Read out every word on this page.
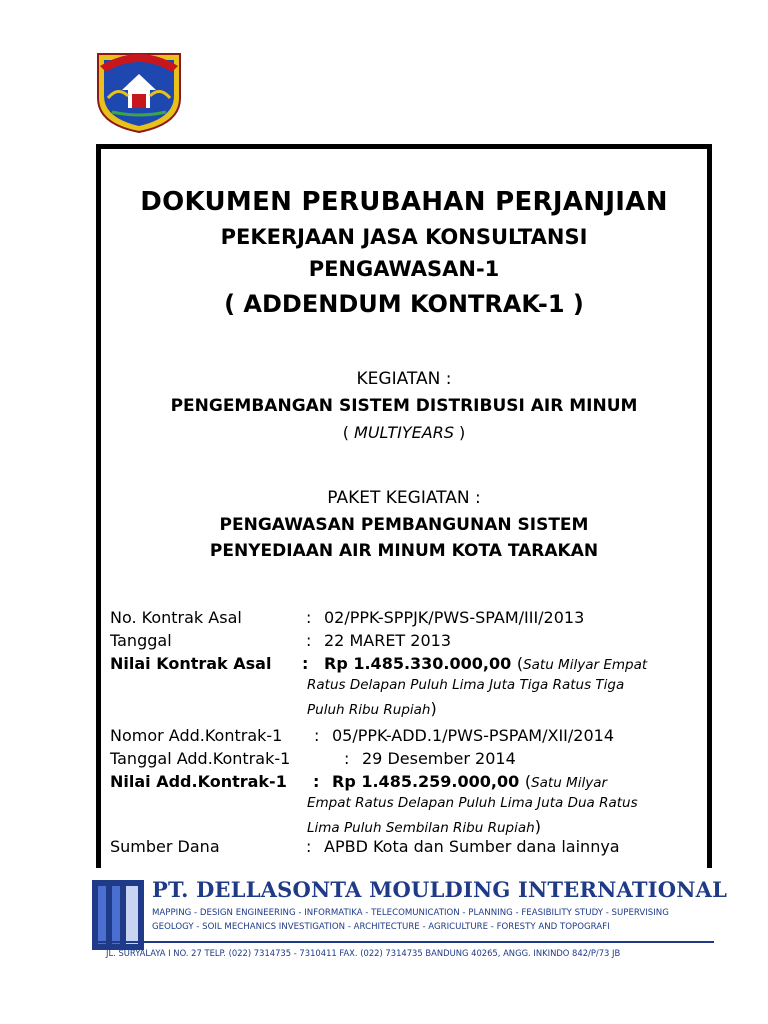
DOKUMEN PERUBAHAN PERJANJIAN
PEKERJAAN JASA KONSULTANSI
PENGAWASAN-1
( ADDENDUM KONTRAK-1 )
KEGIATAN :
PENGEMBANGAN SISTEM DISTRIBUSI AIR MINUM
( MULTIYEARS )
PAKET KEGIATAN :
PENGAWASAN PEMBANGUNAN SISTEM
PENYEDIAAN AIR MINUM KOTA TARAKAN
No. Kontrak Asal	: 02/PPK-SPPJK/PWS-SPAM/III/2013
Tanggal	: 22 MARET 2013
Nilai Kontrak Asal : Rp 1.485.330.000,00 (Satu Milyar Empat
Ratus Delapan Puluh Lima Juta Tiga Ratus Tiga
Puluh Ribu Rupiah)
Nomor Add.Kontrak-1 : 05/PPK-ADD.1/PWS-PSPAM/XII/2014
Tanggal Add.Kontrak-1	: 29 Desember 2014
Nilai Add.Kontrak-1 : Rp 1.485.259.000,00 (Satu Milyar
Empat Ratus Delapan Puluh Lima Juta Dua Ratus
Lima Puluh Sembilan Ribu Rupiah)
Sumber Dana	: APBD Kota dan Sumber dana lainnya
PT. DELLASONTA MOULDING INTERNATIONAL
MAPPING - DESIGN ENGINEERING - INFORMATIKA - TELECOMUNICATION - PLANNING - FEASIBILITY STUDY - SUPERVISING
GEOLOGY - SOIL MECHANICS INVESTIGATION - ARCHITECTURE - AGRICULTURE - FORESTY AND TOPOGRAFI
JL. SURYALAYA I NO. 27 TELP. (022) 7314735 - 7310411 FAX. (022) 7314735 BANDUNG 40265, ANGG. INKINDO 842/P/73 JB
